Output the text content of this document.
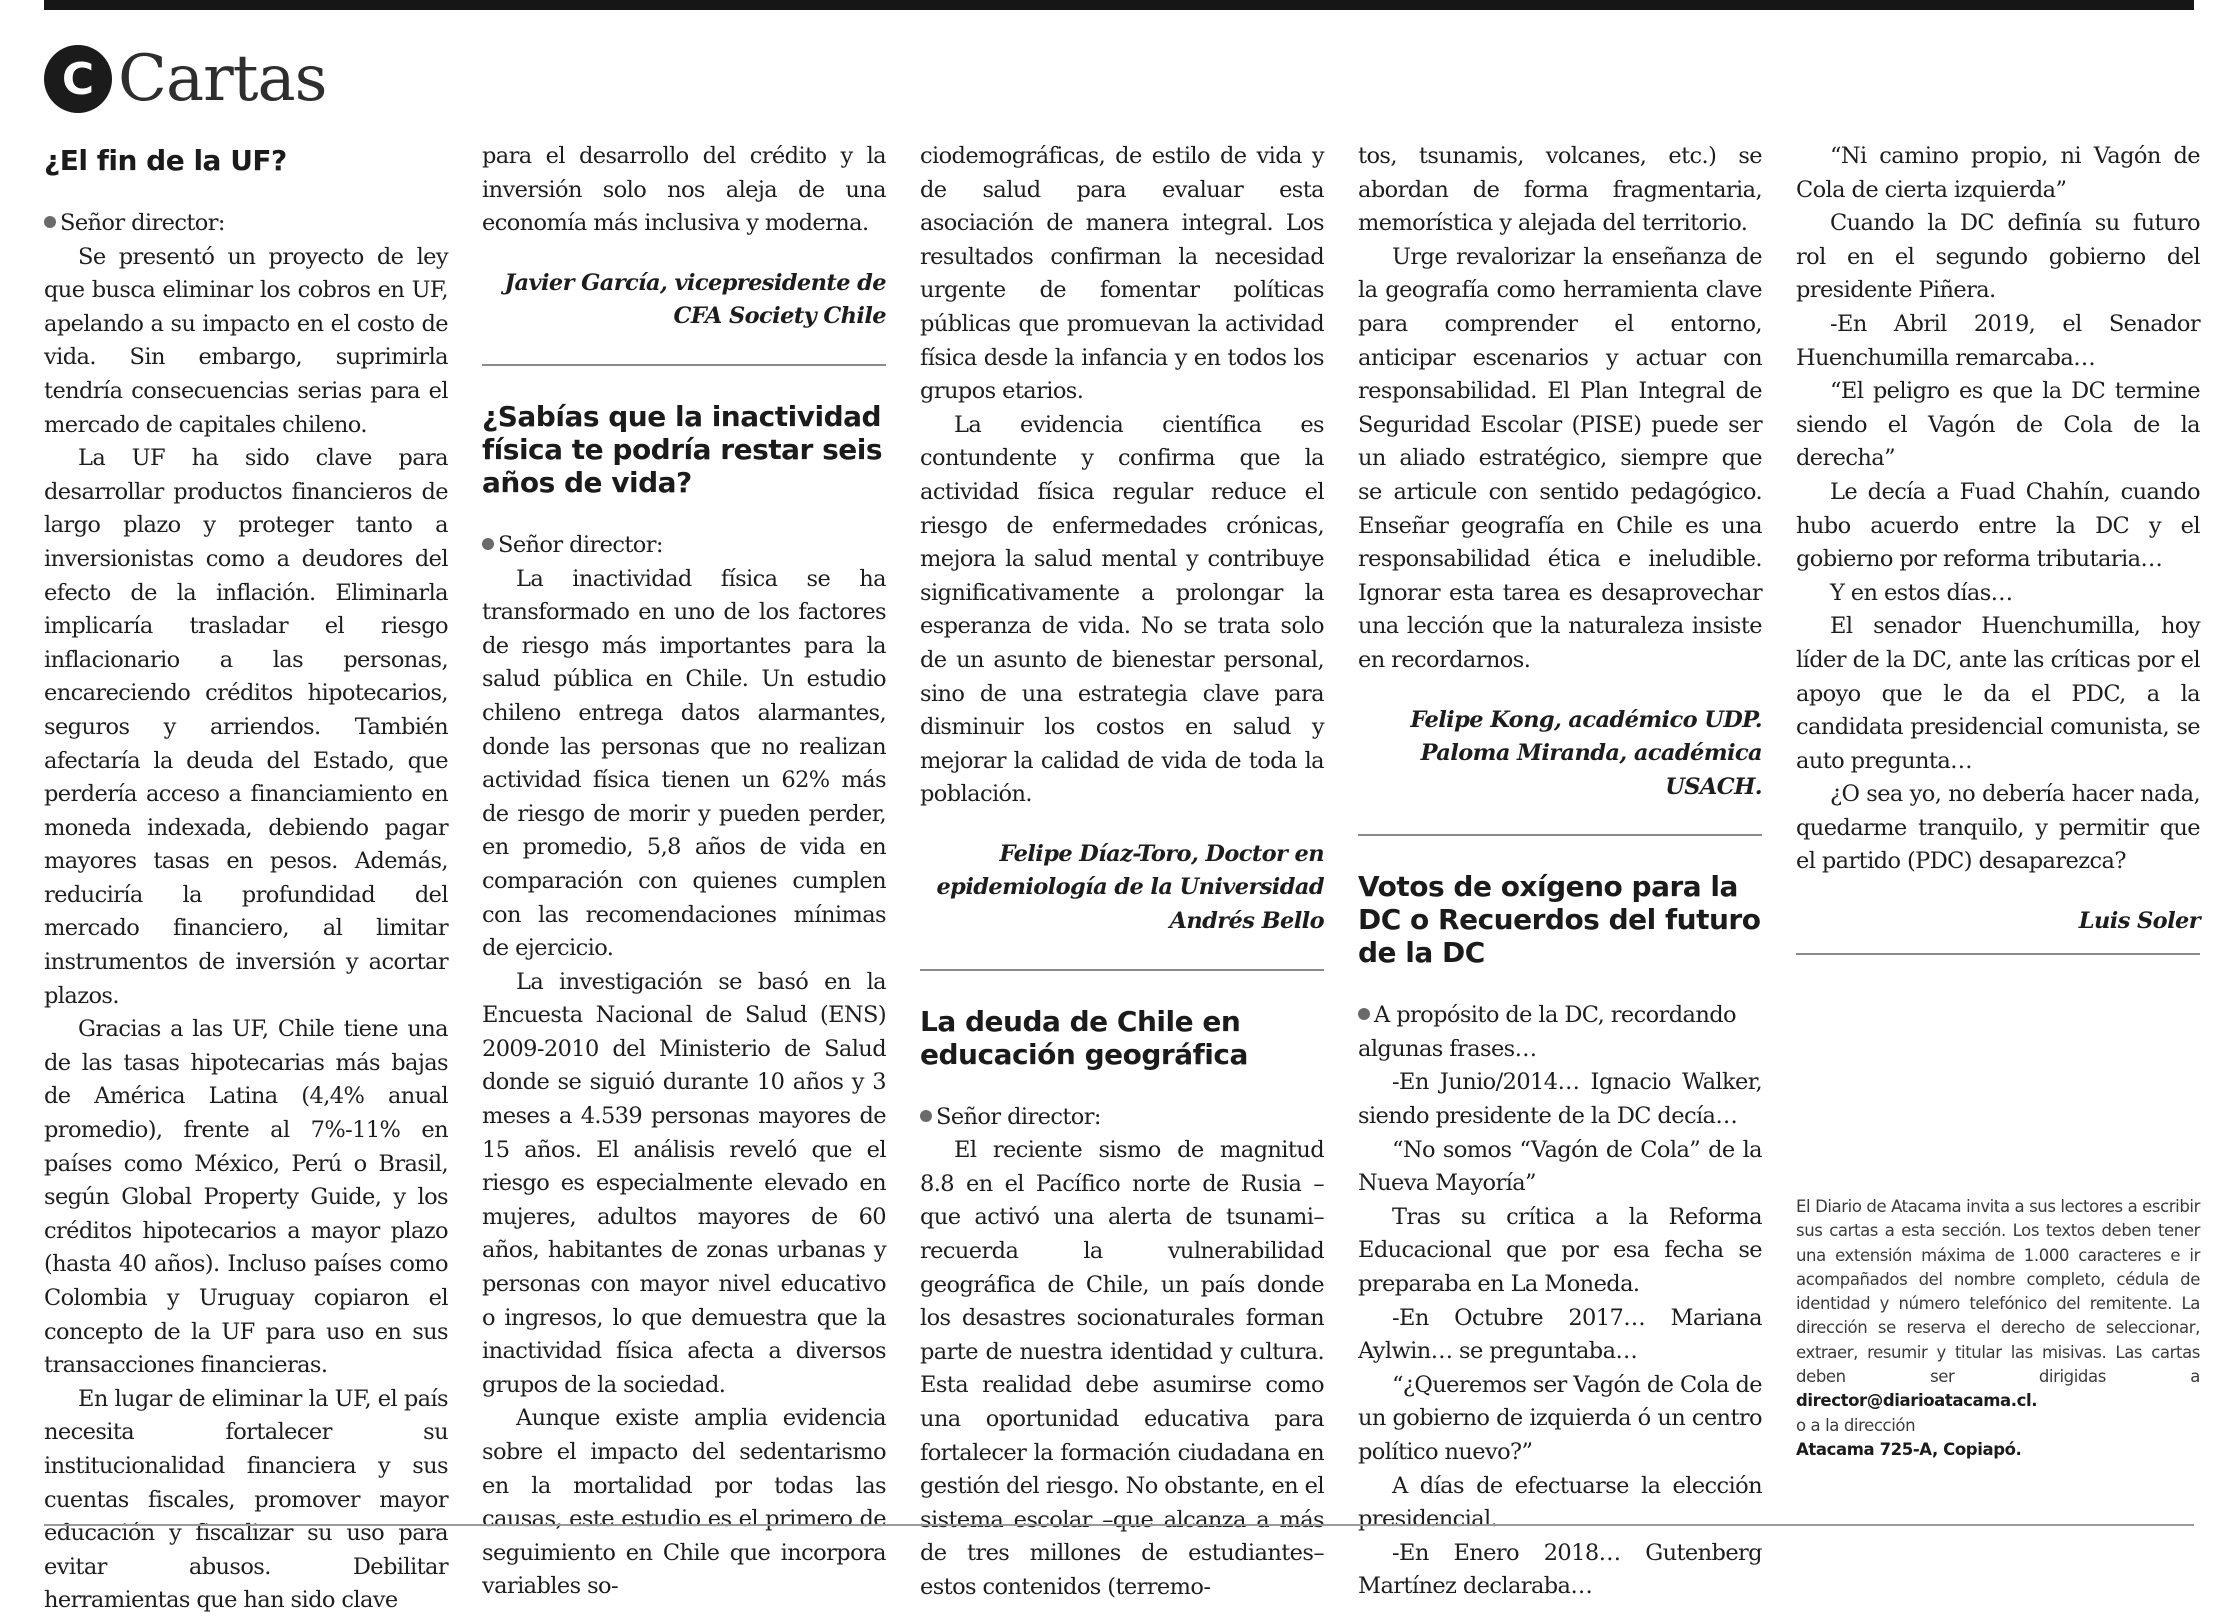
C Cartas
¿El fin de la UF?
Señor director:

Se presentó un proyecto de ley que busca eliminar los cobros en UF, apelando a su impacto en el costo de vida. Sin embargo, suprimirla tendría consecuencias serias para el mercado de capitales chileno.

La UF ha sido clave para desarrollar productos financieros de largo plazo y proteger tanto a inversionistas como a deudores del efecto de la inflación. Eliminarla implicaría trasladar el riesgo inflacionario a las personas, encareciendo créditos hipotecarios, seguros y arriendos. También afectaría la deuda del Estado, que perdería acceso a financiamiento en moneda indexada, debiendo pagar mayores tasas en pesos. Además, reduciría la profundidad del mercado financiero, al limitar instrumentos de inversión y acortar plazos.

Gracias a las UF, Chile tiene una de las tasas hipotecarias más bajas de América Latina (4,4% anual promedio), frente al 7%-11% en países como México, Perú o Brasil, según Global Property Guide, y los créditos hipotecarios a mayor plazo (hasta 40 años). Incluso países como Colombia y Uruguay copiaron el concepto de la UF para uso en sus transacciones financieras.

En lugar de eliminar la UF, el país necesita fortalecer su institucionalidad financiera y sus cuentas fiscales, promover mayor educación y fiscalizar su uso para evitar abusos. Debilitar herramientas que han sido clave

para el desarrollo del crédito y la inversión solo nos aleja de una economía más inclusiva y moderna.

Javier García, vicepresidente de CFA Society Chile
¿Sabías que la inactividad física te podría restar seis años de vida?
Señor director:

La inactividad física se ha transformado en uno de los factores de riesgo más importantes para la salud pública en Chile. Un estudio chileno entrega datos alarmantes, donde las personas que no realizan actividad física tienen un 62% más de riesgo de morir y pueden perder, en promedio, 5,8 años de vida en comparación con quienes cumplen con las recomendaciones mínimas de ejercicio.

La investigación se basó en la Encuesta Nacional de Salud (ENS) 2009-2010 del Ministerio de Salud donde se siguió durante 10 años y 3 meses a 4.539 personas mayores de 15 años. El análisis reveló que el riesgo es especialmente elevado en mujeres, adultos mayores de 60 años, habitantes de zonas urbanas y personas con mayor nivel educativo o ingresos, lo que demuestra que la inactividad física afecta a diversos grupos de la sociedad.

Aunque existe amplia evidencia sobre el impacto del sedentarismo en la mortalidad por todas las causas, este estudio es el primero de seguimiento en Chile que incorpora variables so-

ciodemográficas, de estilo de vida y de salud para evaluar esta asociación de manera integral. Los resultados confirman la necesidad urgente de fomentar políticas públicas que promuevan la actividad física desde la infancia y en todos los grupos etarios.

La evidencia científica es contundente y confirma que la actividad física regular reduce el riesgo de enfermedades crónicas, mejora la salud mental y contribuye significativamente a prolongar la esperanza de vida. No se trata solo de un asunto de bienestar personal, sino de una estrategia clave para disminuir los costos en salud y mejorar la calidad de vida de toda la población.

Felipe Díaz-Toro, Doctor en epidemiología de la Universidad Andrés Bello
La deuda de Chile en educación geográfica
Señor director:

El reciente sismo de magnitud 8.8 en el Pacífico norte de Rusia –que activó una alerta de tsunami– recuerda la vulnerabilidad geográfica de Chile, un país donde los desastres socionaturales forman parte de nuestra identidad y cultura. Esta realidad debe asumirse como una oportunidad educativa para fortalecer la formación ciudadana en gestión del riesgo. No obstante, en el sistema escolar –que alcanza a más de tres millones de estudiantes– estos contenidos (terremo-

tos, tsunamis, volcanes, etc.) se abordan de forma fragmentaria, memorística y alejada del territorio.

Urge revalorizar la enseñanza de la geografía como herramienta clave para comprender el entorno, anticipar escenarios y actuar con responsabilidad. El Plan Integral de Seguridad Escolar (PISE) puede ser un aliado estratégico, siempre que se articule con sentido pedagógico. Enseñar geografía en Chile es una responsabilidad ética e ineludible. Ignorar esta tarea es desaprovechar una lección que la naturaleza insiste en recordarnos.

Felipe Kong, académico UDP. Paloma Miranda, académica USACH.
Votos de oxígeno para la DC o Recuerdos del futuro de la DC
A propósito de la DC, recordando algunas frases…

-En Junio/2014… Ignacio Walker, siendo presidente de la DC decía…

“No somos “Vagón de Cola” de la Nueva Mayoría”

Tras su crítica a la Reforma Educacional que por esa fecha se preparaba en La Moneda.

-En Octubre 2017… Mariana Aylwin… se preguntaba…

“¿Queremos ser Vagón de Cola de un gobierno de izquierda ó un centro político nuevo?”

A días de efectuarse la elección presidencial.

-En Enero 2018… Gutenberg Martínez declaraba…

“Ni camino propio, ni Vagón de Cola de cierta izquierda”

Cuando la DC definía su futuro rol en el segundo gobierno del presidente Piñera.

-En Abril 2019, el Senador Huenchumilla remarcaba…

“El peligro es que la DC termine siendo el Vagón de Cola de la derecha”

Le decía a Fuad Chahín, cuando hubo acuerdo entre la DC y el gobierno por reforma tributaria…

Y en estos días…

El senador Huenchumilla, hoy líder de la DC, ante las críticas por el apoyo que le da el PDC, a la candidata presidencial comunista, se auto pregunta…

¿O sea yo, no debería hacer nada, quedarme tranquilo, y permitir que el partido (PDC) desaparezca?

Luis Soler
El Diario de Atacama invita a sus lectores a escribir sus cartas a esta sección. Los textos deben tener una extensión máxima de 1.000 caracteres e ir acompañados del nombre completo, cédula de identidad y número telefónico del remitente. La dirección se reserva el derecho de seleccionar, extraer, resumir y titular las misivas. Las cartas deben ser dirigidas a director@diarioatacama.cl.
o a la dirección
Atacama 725-A, Copiapó.
